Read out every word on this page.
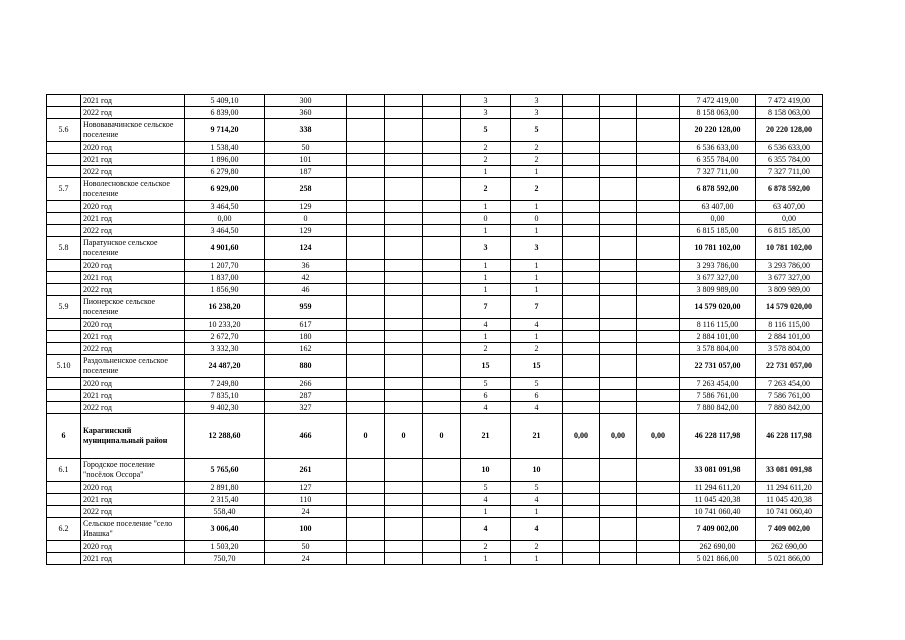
	2021 год	5 409,10	300				3	3				7 472 419,00	7 472 419,00
	2022 год	6 839,00	360				3	3				8 158 063,00	8 158 063,00
5.6	Нововавачинское сельское поселение	9 714,20	338				5	5				20 220 128,00	20 220 128,00
	2020 год	1 538,40	50				2	2				6 536 633,00	6 536 633,00
	2021 год	1 896,00	101				2	2				6 355 784,00	6 355 784,00
	2022 год	6 279,80	187				1	1				7 327 711,00	7 327 711,00
5.7	Новолесновское сельское поселение	6 929,00	258				2	2				6 878 592,00	6 878 592,00
	2020 год	3 464,50	129				1	1				63 407,00	63 407,00
	2021 год	0,00	0				0	0				0,00	0,00
	2022 год	3 464,50	129				1	1				6 815 185,00	6 815 185,00
5.8	Паратунское сельское поселение	4 901,60	124				3	3				10 781 102,00	10 781 102,00
	2020 год	1 207,70	36				1	1				3 293 786,00	3 293 786,00
	2021 год	1 837,00	42				1	1				3 677 327,00	3 677 327,00
	2022 год	1 856,90	46				1	1				3 809 989,00	3 809 989,00
5.9	Пионерское сельское поселение	16 238,20	959				7	7				14 579 020,00	14 579 020,00
	2020 год	10 233,20	617				4	4				8 116 115,00	8 116 115,00
	2021 год	2 672,70	180				1	1				2 884 101,00	2 884 101,00
	2022 год	3 332,30	162				2	2				3 578 804,00	3 578 804,00
5.10	Раздольненское сельское поселение	24 487,20	880				15	15				22 731 057,00	22 731 057,00
	2020 год	7 249,80	266				5	5				7 263 454,00	7 263 454,00
	2021 год	7 835,10	287				6	6				7 586 761,00	7 586 761,00
	2022 год	9 402,30	327				4	4				7 880 842,00	7 880 842,00
6	Карагинский муниципальный район	12 288,60	466	0	0	0	21	21	0,00	0,00	0,00	46 228 117,98	46 228 117,98
6.1	Городское поселение "посёлок Оссора"	5 765,60	261				10	10				33 081 091,98	33 081 091,98
	2020 год	2 891,80	127				5	5				11 294 611,20	11 294 611,20
	2021 год	2 315,40	110				4	4				11 045 420,38	11 045 420,38
	2022 год	558,40	24				1	1				10 741 060,40	10 741 060,40
6.2	Сельское поселение "село Ивашка"	3 006,40	100				4	4				7 409 002,00	7 409 002,00
	2020 год	1 503,20	50				2	2				262 690,00	262 690,00
	2021 год	750,70	24				1	1				5 021 866,00	5 021 866,00
